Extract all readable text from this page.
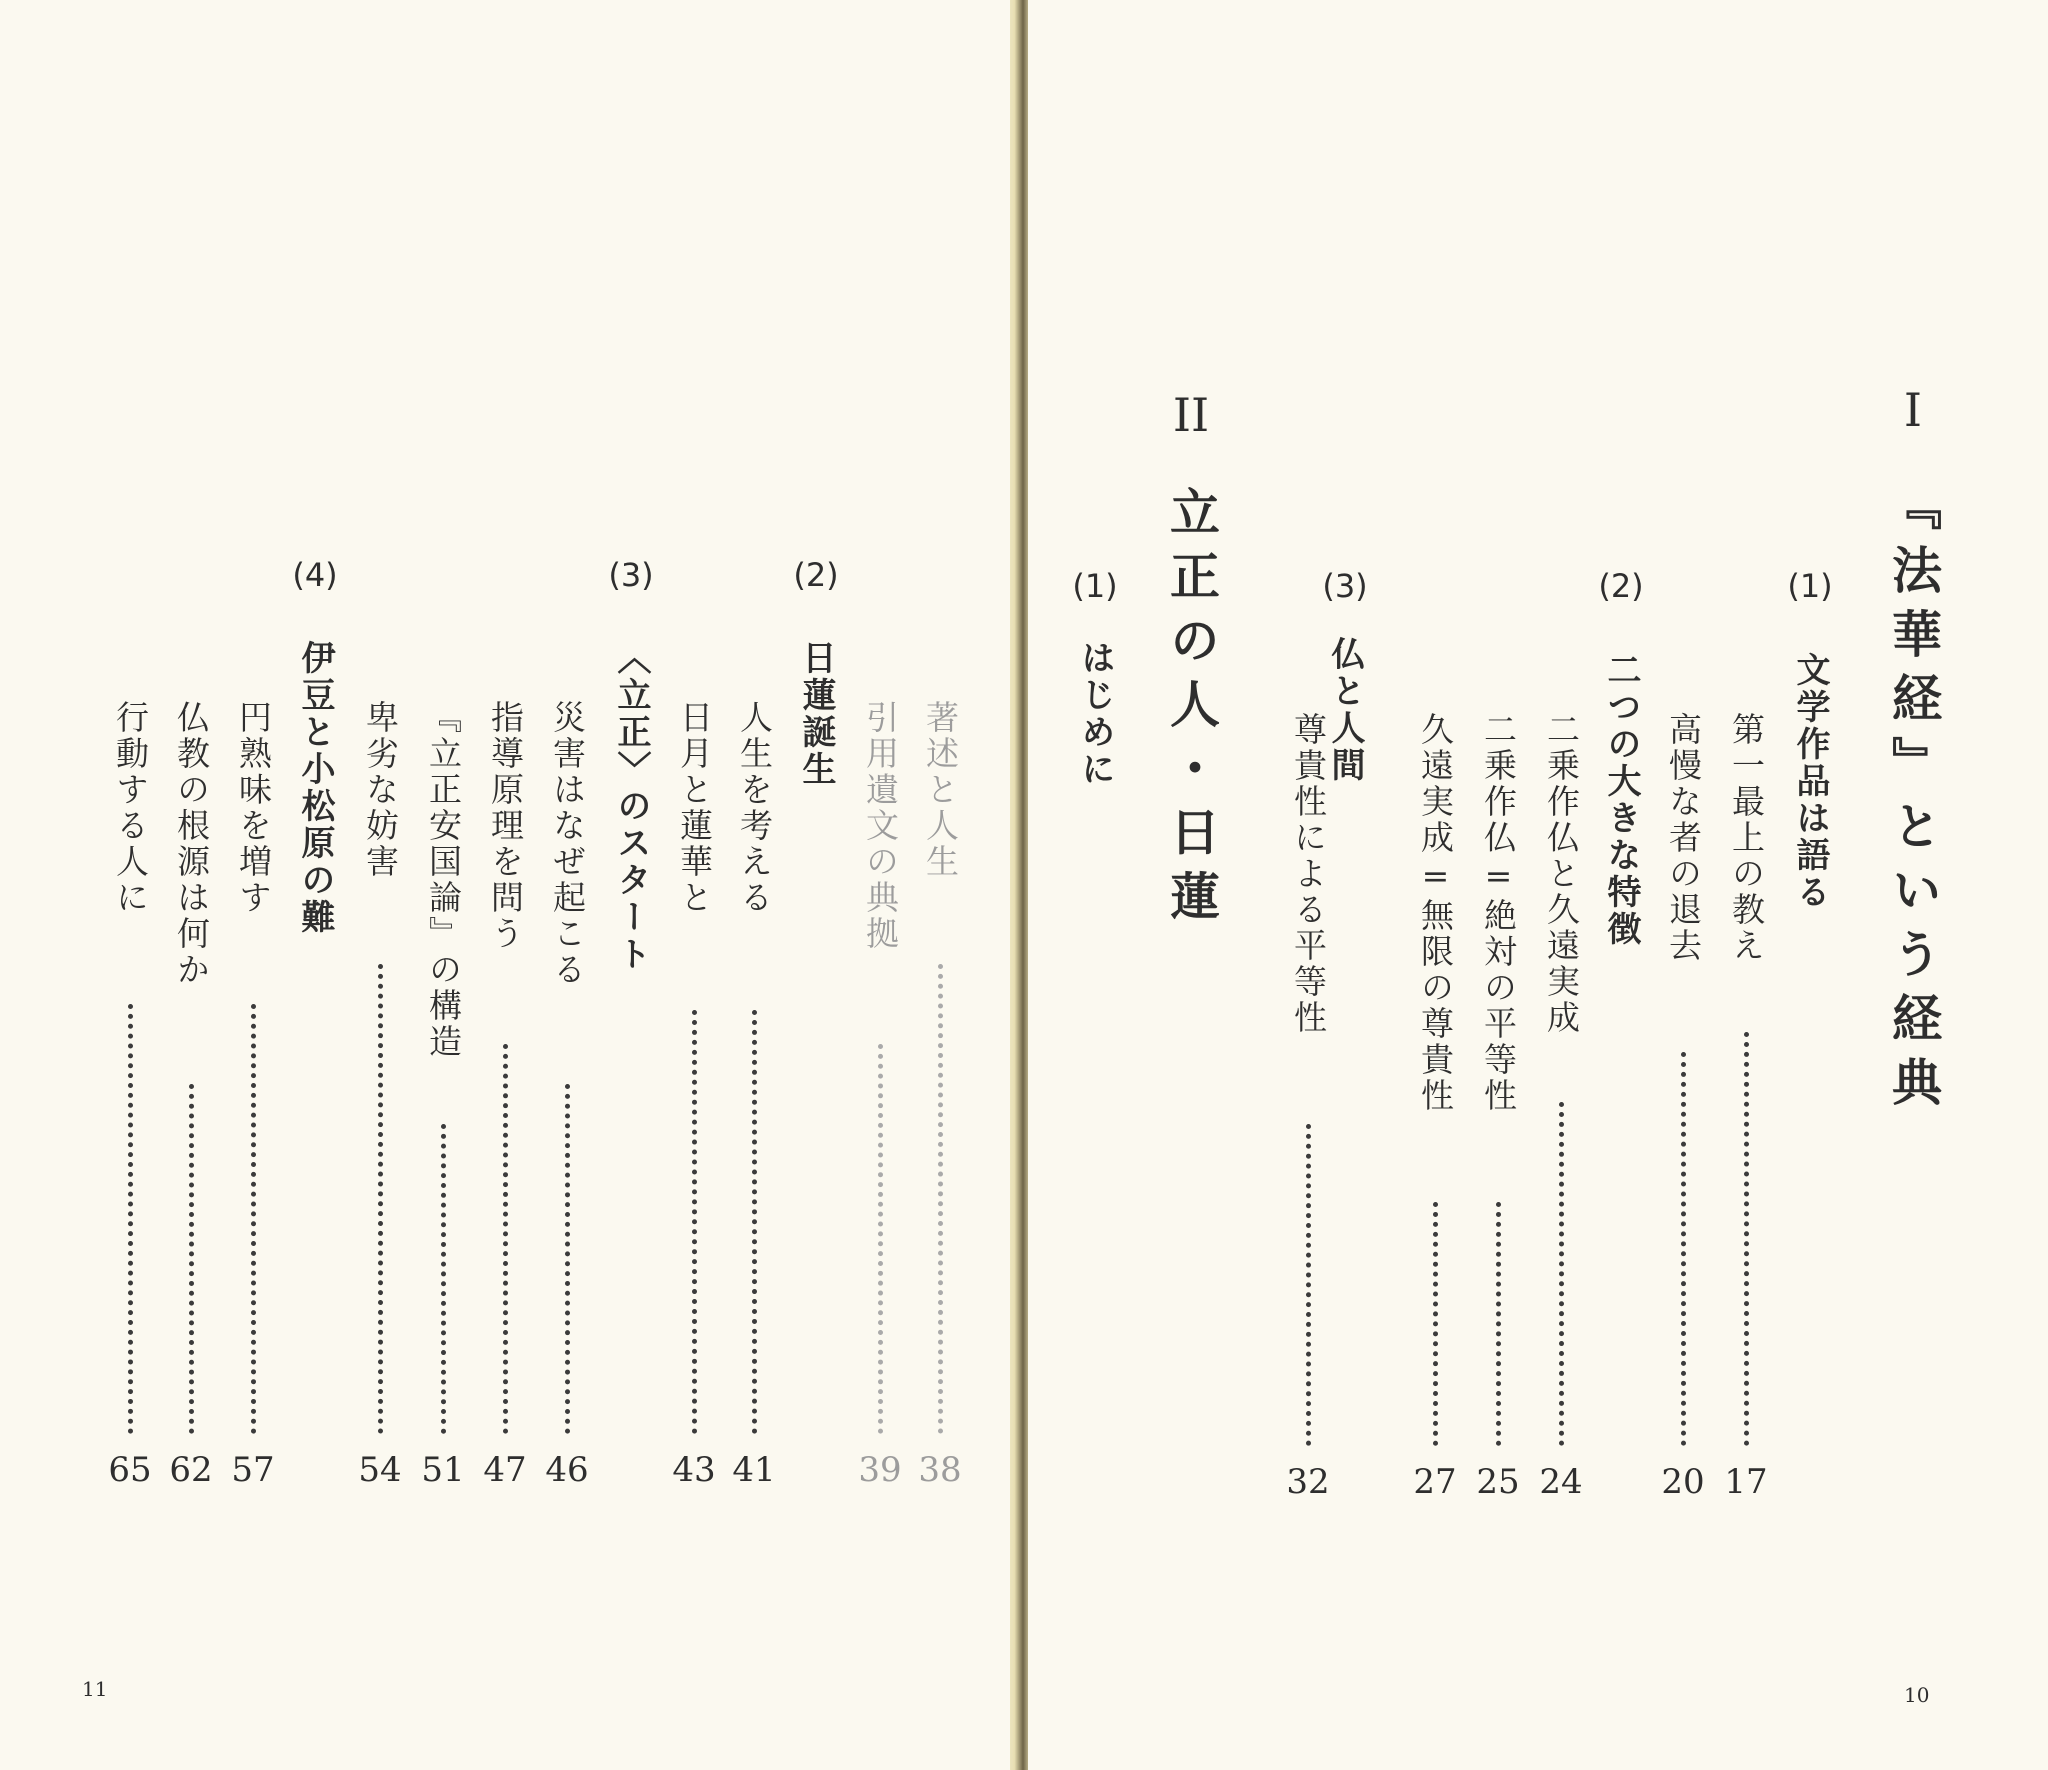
I
『法華経』という経典
(1)
文学作品は語る
第一最上の教え
17
高慢な者の退去
20
(2)
二つの大きな特徴
二乗作仏と久遠実成
24
二乗作仏=絶対の平等性
25
久遠実成=無限の尊貴性
27
(3)
仏と人間
尊貴性による平等性
32
II
立正の人・日蓮
(1)
はじめに
10
著述と人生
38
引用遺文の典拠
39
(2)
日蓮誕生
人生を考える
41
日月と蓮華と
43
(3)
〈立正〉のスタート
災害はなぜ起こる
46
指導原理を問う
47
『立正安国論』の構造
51
卑劣な妨害
54
(4)
伊豆と小松原の難
円熟味を増す
57
仏教の根源は何か
62
行動する人に
65
11
